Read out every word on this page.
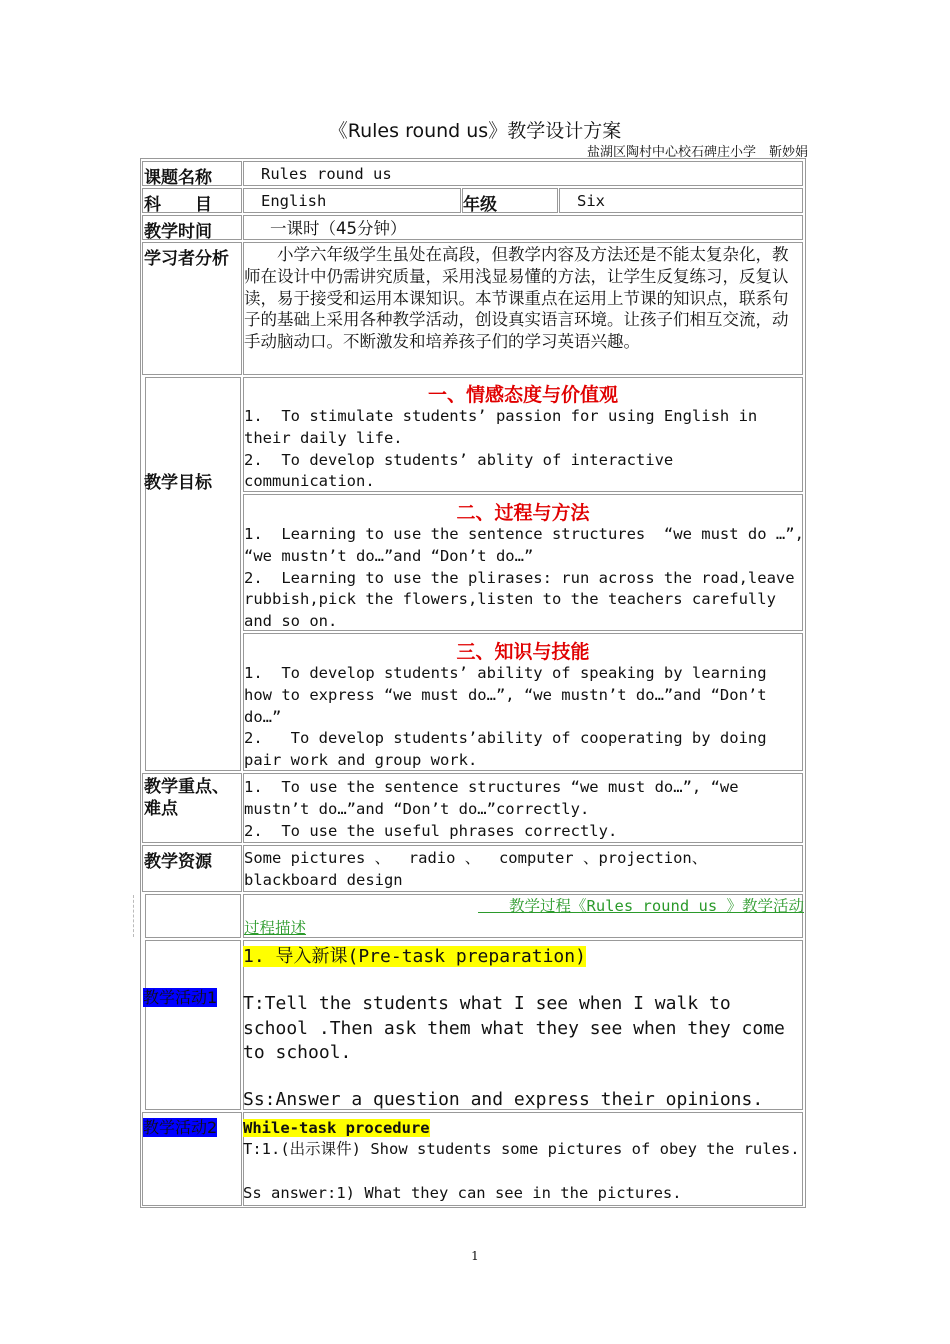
《Rules round us》教学设计方案
盐湖区陶村中心校石碑庄小学　靳妙娟
课题名称	Rules round us
科　　目	English	年级	Six
教学时间	一课时（45分钟）
学习者分析 　　小学六年级学生虽处在高段，但教学内容及方法还是不能太复杂化，教师在设计中仍需讲究质量，采用浅显易懂的方法，让学生反复练习，反复认读，易于接受和运用本课知识。本节课重点在运用上节课的知识点，联系句子的基础上采用各种教学活动，创设真实语言环境。让孩子们相互交流，动手动脑动口。不断激发和培养孩子们的学习英语兴趣。
教学目标
一、情感态度与价值观
1.  To stimulate students’ passion for using English in their daily life.
2.  To develop students’ ablity of interactive communication.
二、过程与方法
1.  Learning to use the sentence structures  “we must do …”,  “we mustn’t do…”and “Don’t do…”
2.  Learning to use the plirases: run across the road,leave rubbish,pick the flowers,listen to the teachers carefully and so on.
三、知识与技能
1.  To develop students’ ability of speaking by learning how to express “we must do…”, “we mustn’t do…”and “Don’t do…”
2.   To develop students’ability of cooperating by doing pair work and group work.
教学重点、难点
1.  To use the sentence structures “we must do…”, “we mustn’t do…”and “Don’t do…”correctly.
2.  To use the useful phrases correctly.
教学资源 Some pictures 、  radio 、  computer 、projection、blackboard design
　　教学过程《Rules round us 》教学活动
过程描述
教学活动1
1. 导入新课(Pre-task preparation)
T:Tell the students what I see when I walk to school .Then ask them what they see when they come to school.
Ss:Answer a question and express their opinions.
教学活动2	While-task procedure
T:1.(出示课件) Show students some pictures of obey the rules.
Ss answer:1) What they can see in the pictures.
1
